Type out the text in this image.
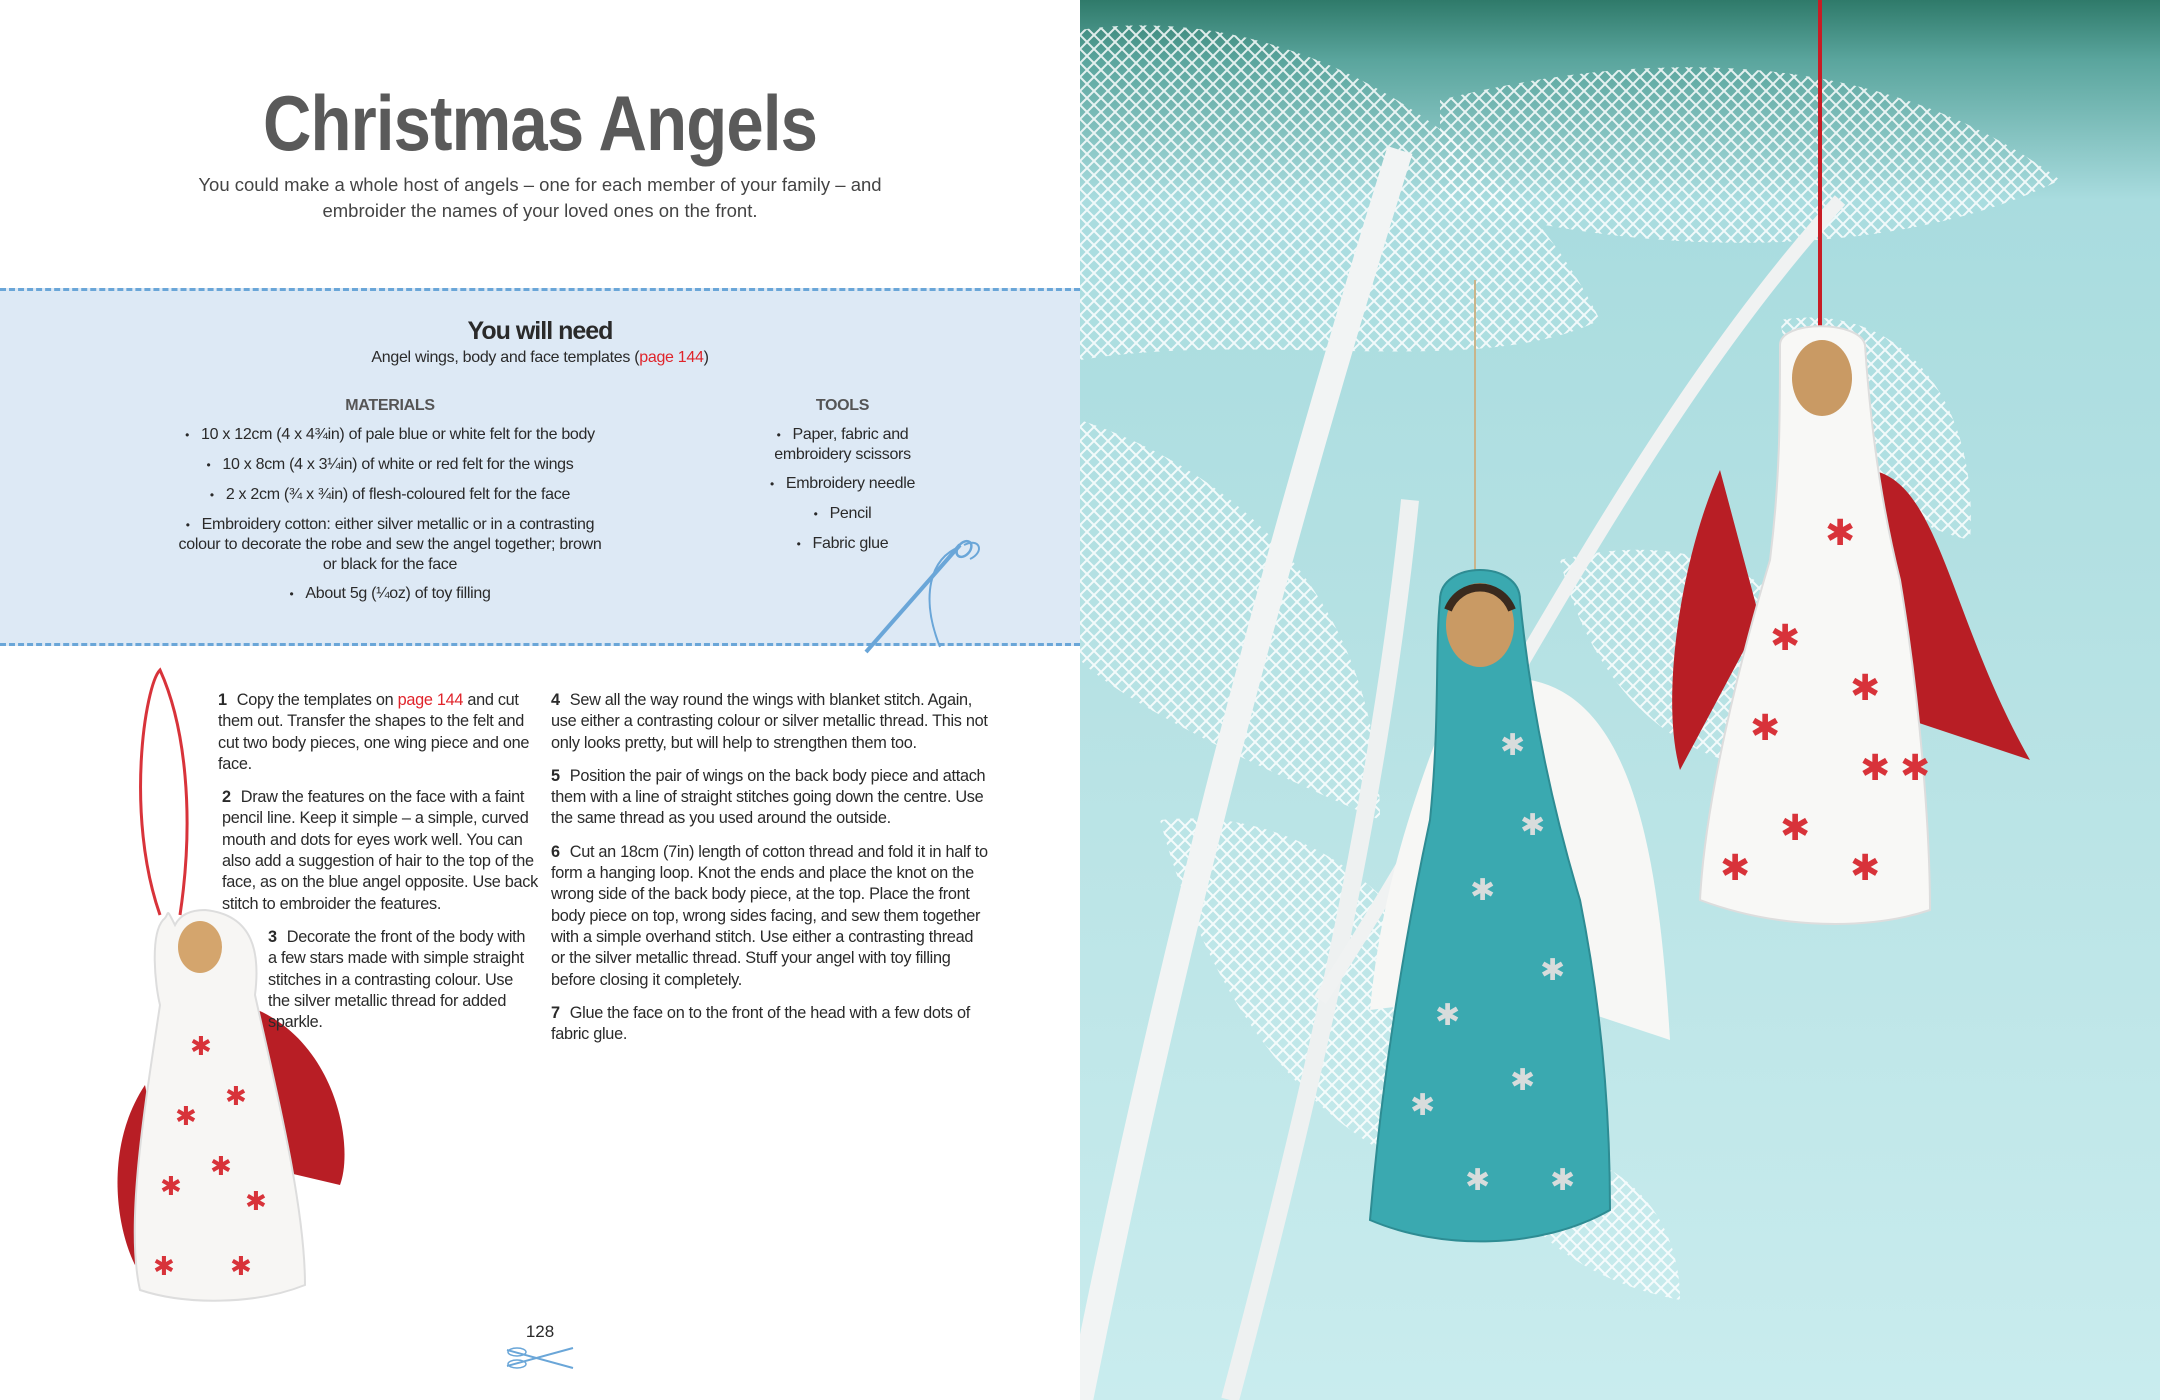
Christmas Angels

You could make a whole host of angels – one for each member of your family – and embroider the names of your loved ones on the front.

You will need
Angel wings, body and face templates (page 144)
MATERIALS
• 10 x 12cm (4 x 4¾in) of pale blue or white felt for the body
• 10 x 8cm (4 x 3¼in) of white or red felt for the wings
• 2 x 2cm (¾ x ¾in) of flesh-coloured felt for the face
• Embroidery cotton: either silver metallic or in a contrasting colour to decorate the robe and sew the angel together; brown or black for the face
• About 5g (¼oz) of toy filling
TOOLS
• Paper, fabric and embroidery scissors
• Embroidery needle
• Pencil
• Fabric glue
✱
✱
✱
✱
✱
✱
✱ ✱

1 Copy the templates on page 144 and cut them out. Transfer the shapes to the felt and cut two body pieces, one wing piece and one face.

2 Draw the features on the face with a faint pencil line. Keep it simple – a simple, curved mouth and dots for eyes work well. You can also add a suggestion of hair to the top of the face, as on the blue angel opposite. Use back stitch to embroider the features.

3 Decorate the front of the body with a few stars made with simple straight stitches in a contrasting colour. Use the silver metallic thread for added sparkle.

4 Sew all the way round the wings with blanket stitch. Again, use either a contrasting colour or silver metallic thread. This not only looks pretty, but will help to strengthen them too.

5 Position the pair of wings on the back body piece and attach them with a line of straight stitches going down the centre. Use the same thread as you used around the outside.

6 Cut an 18cm (7in) length of cotton thread and fold it in half to form a hanging loop. Knot the ends and place the knot on the wrong side of the back body piece, at the top. Place the front body piece on top, wrong sides facing, and sew them together with a simple overhand stitch. Use either a contrasting thread or the silver metallic thread. Stuff your angel with toy filling before closing it completely.

7 Glue the face on to the front of the head with a few dots of fabric glue.

128
✱
✱
✱
✱
✱
✱
✱	✱
✱
✱
✱
✱
✱
✱
✱
✱
✱ ✱
